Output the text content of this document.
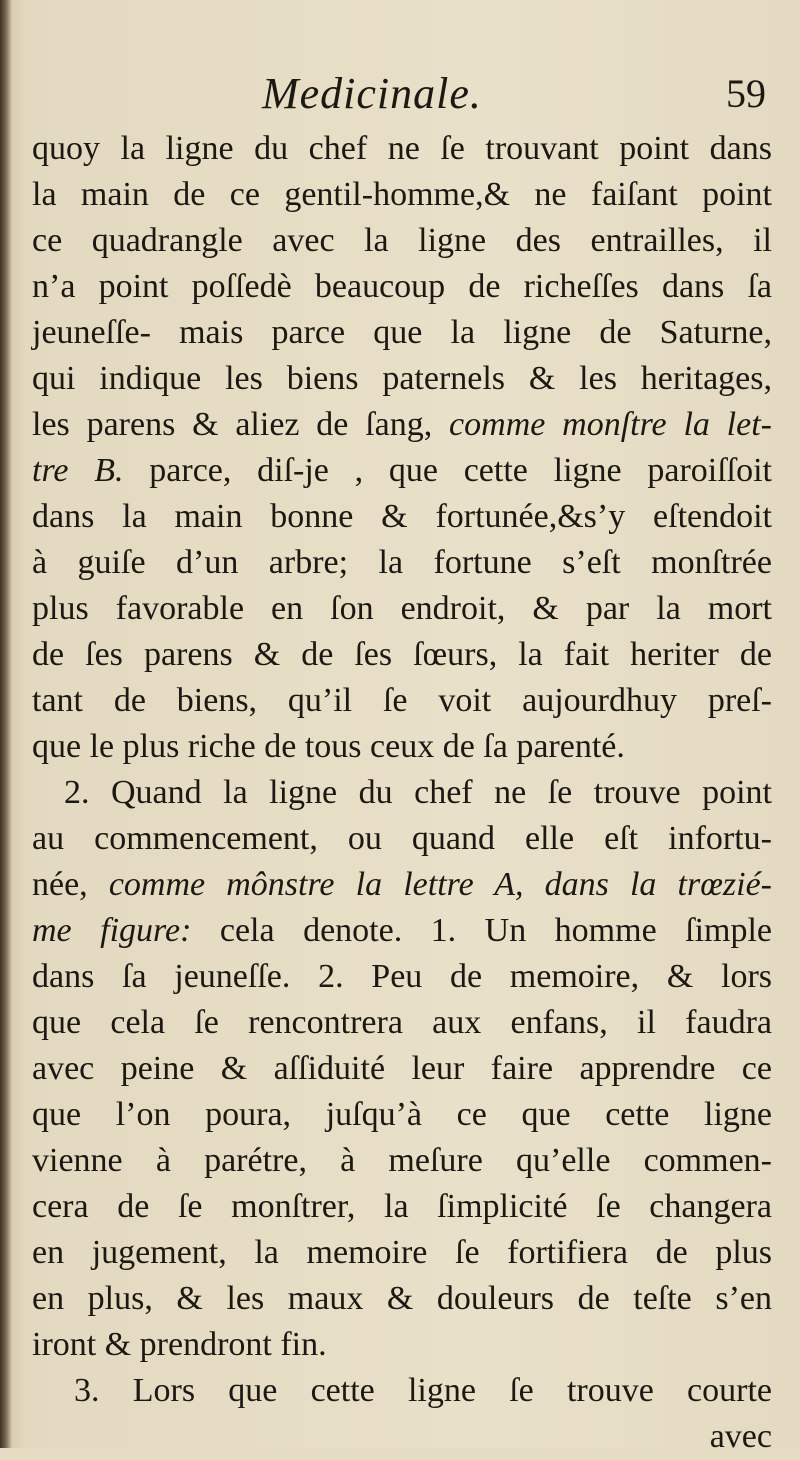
Medicinale.	59
quoy la ligne du chef ne ſe trouvant point dans
la main de ce gentil-homme,& ne faiſant point
ce quadrangle avec la ligne des entrailles, il
n’a point poſſedè beaucoup de richeſſes dans ſa
jeuneſſe- mais parce que la ligne de Saturne,
qui indique les biens paternels & les heritages,
les parens & aliez de ſang, comme monſtre la let-
tre B. parce, diſ-je , que cette ligne paroiſſoit
dans la main bonne & fortunée,&s’y eſtendoit
à guiſe d’un arbre; la fortune s’eſt monſtrée
plus favorable en ſon endroit, & par la mort
de ſes parens & de ſes ſœurs, la fait heriter de
tant de biens, qu’il ſe voit aujourdhuy preſ-
que le plus riche de tous ceux de ſa parenté.
2. Quand la ligne du chef ne ſe trouve point
au commencement, ou quand elle eſt infortu-
née, comme mônstre la lettre A, dans la trœzié-
me figure: cela denote. 1. Un homme ſimple
dans ſa jeuneſſe. 2. Peu de memoire, & lors
que cela ſe rencontrera aux enfans, il faudra
avec peine & aſſiduité leur faire apprendre ce
que l’on poura, juſqu’à ce que cette ligne
vienne à parétre, à meſure qu’elle commen-
cera de ſe monſtrer, la ſimplicité ſe changera
en jugement, la memoire ſe fortifiera de plus
en plus, & les maux & douleurs de teſte s’en
iront & prendront fin.
3. Lors que cette ligne ſe trouve courte
avec
